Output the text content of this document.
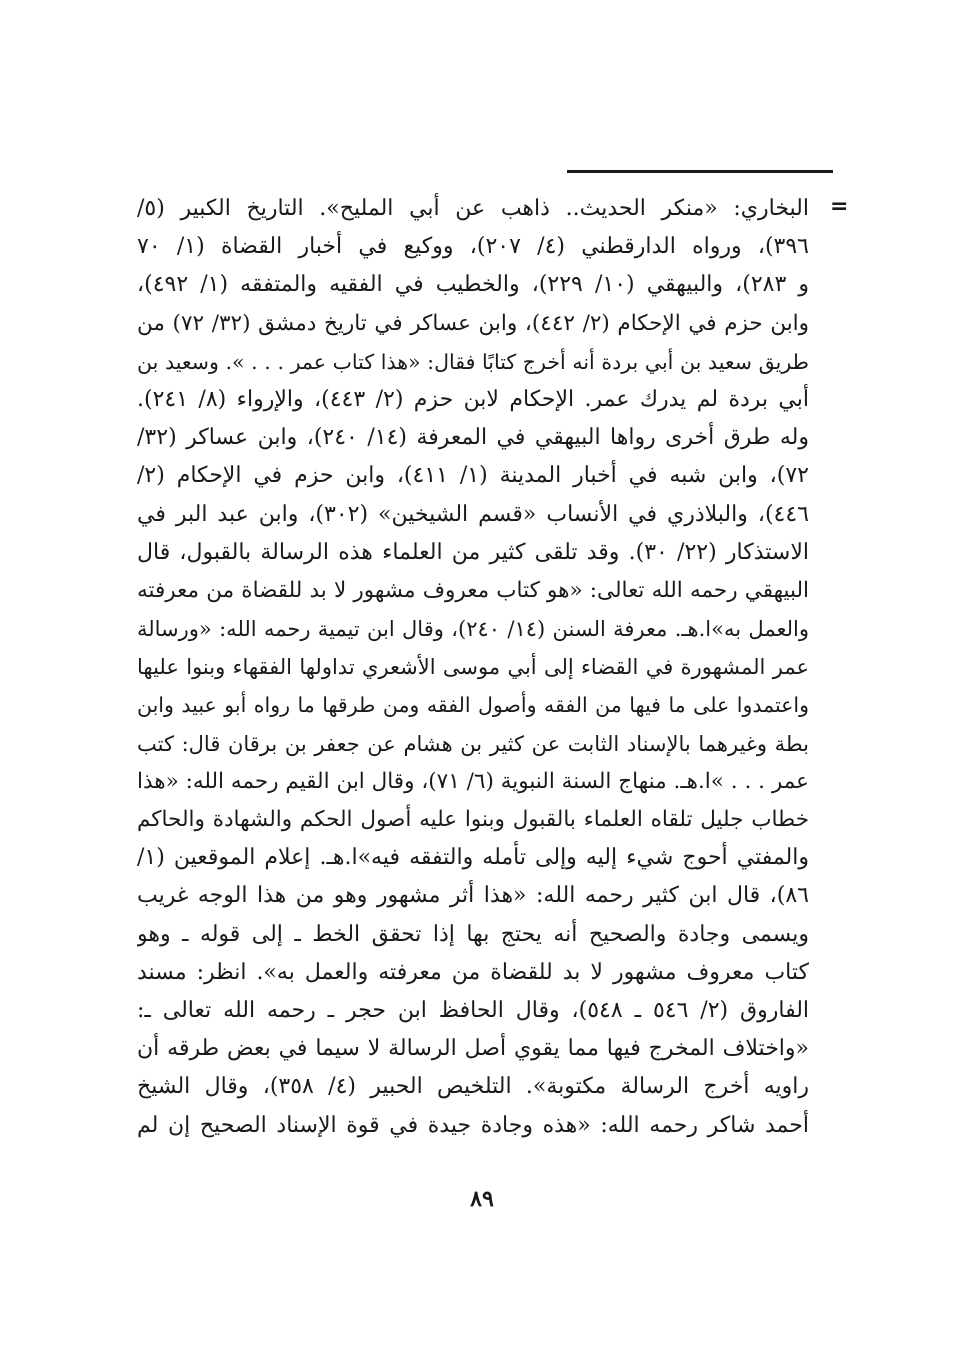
=
البخاري: «منكر الحديث.. ذاهب عن أبي المليح». التاريخ الكبير (٥/
٣٩٦)، ورواه الدارقطني (٤/ ٢٠٧)، ووكيع في أخبار القضاة (١/ ٧٠
و ٢٨٣)، والبيهقي (١٠/ ٢٢٩)، والخطيب في الفقيه والمتفقه (١/ ٤٩٢)،
وابن حزم في الإحكام (٢/ ٤٤٢)، وابن عساكر في تاريخ دمشق (٣٢/ ٧٢) من
طريق سعيد بن أبي بردة أنه أخرج كتابًا فقال: «هذا كتاب عمر . . . ». وسعيد بن
أبي بردة لم يدرك عمر. الإحكام لابن حزم (٢/ ٤٤٣)، والإرواء (٨/ ٢٤١).
وله طرق أخرى رواها البيهقي في المعرفة (١٤/ ٢٤٠)، وابن عساكر (٣٢/
٧٢)، وابن شبه في أخبار المدينة (١/ ٤١١)، وابن حزم في الإحكام (٢/
٤٤٦)، والبلاذري في الأنساب «قسم الشيخين» (٣٠٢)، وابن عبد البر في
الاستذكار (٢٢/ ٣٠). وقد تلقى كثير من العلماء هذه الرسالة بالقبول، قال
البيهقي رحمه الله تعالى: «هو كتاب معروف مشهور لا بد للقضاة من معرفته
والعمل به»ا.هـ. معرفة السنن (١٤/ ٢٤٠)، وقال ابن تيمية رحمه الله: «ورسالة
عمر المشهورة في القضاء إلى أبي موسى الأشعري تداولها الفقهاء وبنوا عليها
واعتمدوا على ما فيها من الفقه وأصول الفقه ومن طرقها ما رواه أبو عبيد وابن
بطة وغيرهما بالإسناد الثابت عن كثير بن هشام عن جعفر بن برقان قال: كتب
عمر . . . »ا.هـ. منهاج السنة النبوية (٦/ ٧١)، وقال ابن القيم رحمه الله: «هذا
خطاب جليل تلقاه العلماء بالقبول وبنوا عليه أصول الحكم والشهادة والحاكم
والمفتي أحوج شيء إليه وإلى تأمله والتفقه فيه»ا.هـ. إعلام الموقعين (١/
٨٦)، قال ابن كثير رحمه الله: «هذا أثر مشهور وهو من هذا الوجه غريب
ويسمى وجادة والصحيح أنه يحتج بها إذا تحقق الخط ـ إلى قوله ـ وهو
كتاب معروف مشهور لا بد للقضاة من معرفته والعمل به». انظر: مسند
الفاروق (٢/ ٥٤٦ ـ ٥٤٨)، وقال الحافظ ابن حجر ـ رحمه الله تعالى ـ:
«واختلاف المخرج فيها مما يقوي أصل الرسالة لا سيما في بعض طرقه أن
راويه أخرج الرسالة مكتوبة». التلخيص الحبير (٤/ ٣٥٨)، وقال الشيخ
أحمد شاكر رحمه الله: «هذه وجادة جيدة في قوة الإسناد الصحيح إن لم
٨٩
